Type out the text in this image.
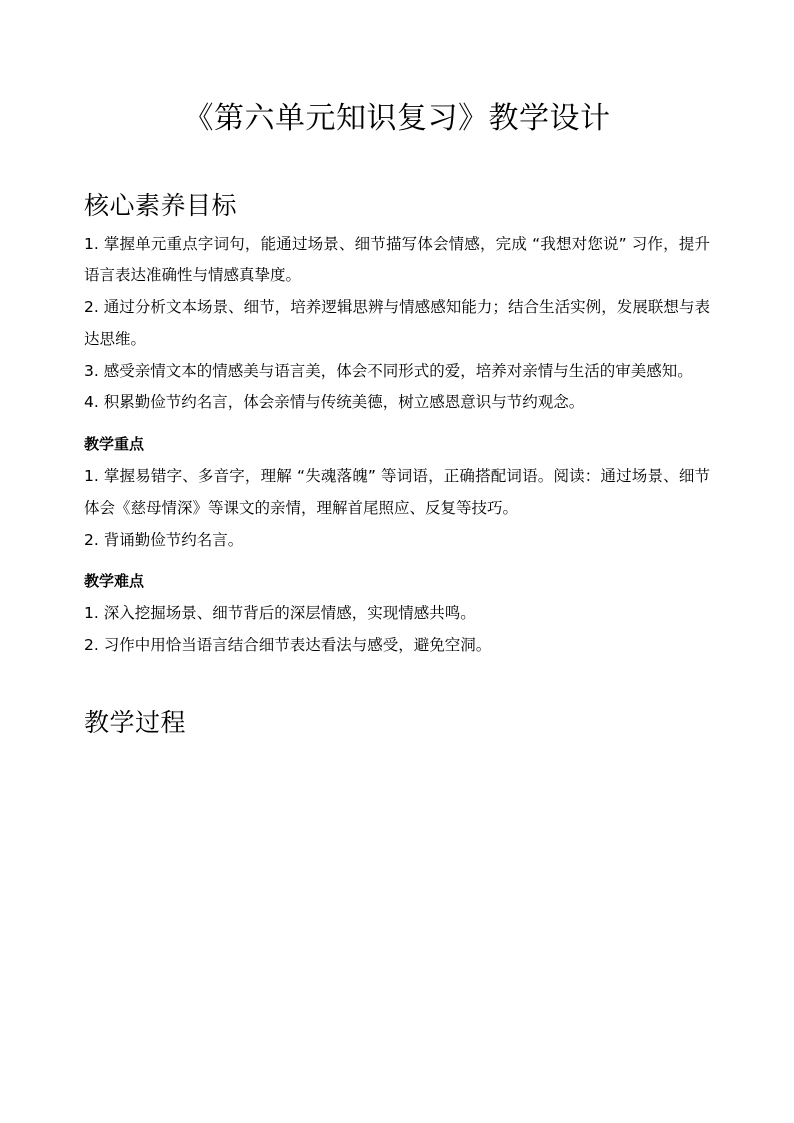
《第六单元知识复习》教学设计
核心素养目标

1. 掌握单元重点字词句，能通过场景、细节描写体会情感，完成 “我想对您说” 习作，提升语言表达准确性与情感真挚度。

2. 通过分析文本场景、细节，培养逻辑思辨与情感感知能力；结合生活实例，发展联想与表达思维。

3. 感受亲情文本的情感美与语言美，体会不同形式的爱，培养对亲情与生活的审美感知。

4. 积累勤俭节约名言，体会亲情与传统美德，树立感恩意识与节约观念。

教学重点

1. 掌握易错字、多音字，理解 “失魂落魄” 等词语，正确搭配词语。阅读：通过场景、细节体会《慈母情深》等课文的亲情，理解首尾照应、反复等技巧。

2. 背诵勤俭节约名言。

教学难点

1. 深入挖掘场景、细节背后的深层情感，实现情感共鸣。

2. 习作中用恰当语言结合细节表达看法与感受，避免空洞。

教学过程
